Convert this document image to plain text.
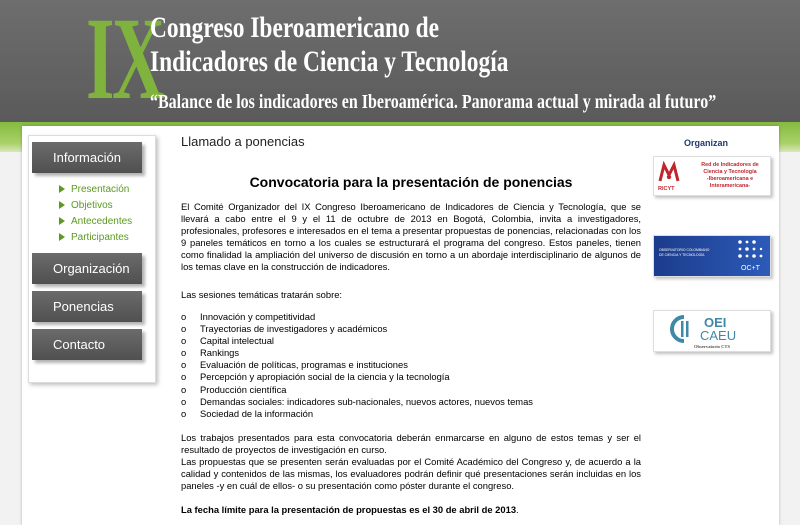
IX
Congreso Iberoamericano de
Indicadores de Ciencia y Tecnología
“Balance de los indicadores en Iberoamérica. Panorama actual y mirada al futuro”
Información
Presentación
Objetivos
Antecedentes
Participantes
Organización
Ponencias
Contacto
Llamado a ponencias
Convocatoria para la presentación de ponencias
El Comité Organizador del IX Congreso Iberoamericano de Indicadores de Ciencia y Tecnología, que se llevará a cabo entre el 9 y el 11 de octubre de 2013 en Bogotá, Colombia, invita a investigadores, profesionales, profesores e interesados en el tema a presentar propuestas de ponencias, relacionadas con los 9 paneles temáticos en torno a los cuales se estructurará el programa del congreso. Estos paneles, tienen como finalidad la ampliación del universo de discusión en torno a un abordaje interdisciplinario de algunos de los temas clave en la construcción de indicadores.
Las sesiones temáticas tratarán sobre:
o Innovación y competitividad
o Trayectorias de investigadores y académicos
o Capital intelectual
o Rankings
o Evaluación de políticas, programas e instituciones
o Percepción y apropiación social de la ciencia y la tecnología
o Producción científica
o Demandas sociales: indicadores sub-nacionales, nuevos actores, nuevos temas
o Sociedad de la información
Los trabajos presentados para esta convocatoria deberán enmarcarse en alguno de estos temas y ser el resultado de proyectos de investigación en curso.
Las propuestas que se presenten serán evaluadas por el Comité Académico del Congreso y, de acuerdo a la calidad y contenidos de las mismas, los evaluadores podrán definir qué presentaciones serán incluidas en los paneles -y en cuál de ellos- o su presentación como póster durante el congreso.
La fecha límite para la presentación de propuestas es el 30 de abril de 2013.
Organizan
RICYT
Red de Indicadores de
Ciencia y Tecnología
-Iberoamericana e
Interamericana-
OBSERVATORIO COLOMBIANO
DE CIENCIA Y TECNOLOGÍA
OC+T
OEI
CAEU
Observatorio CTS
